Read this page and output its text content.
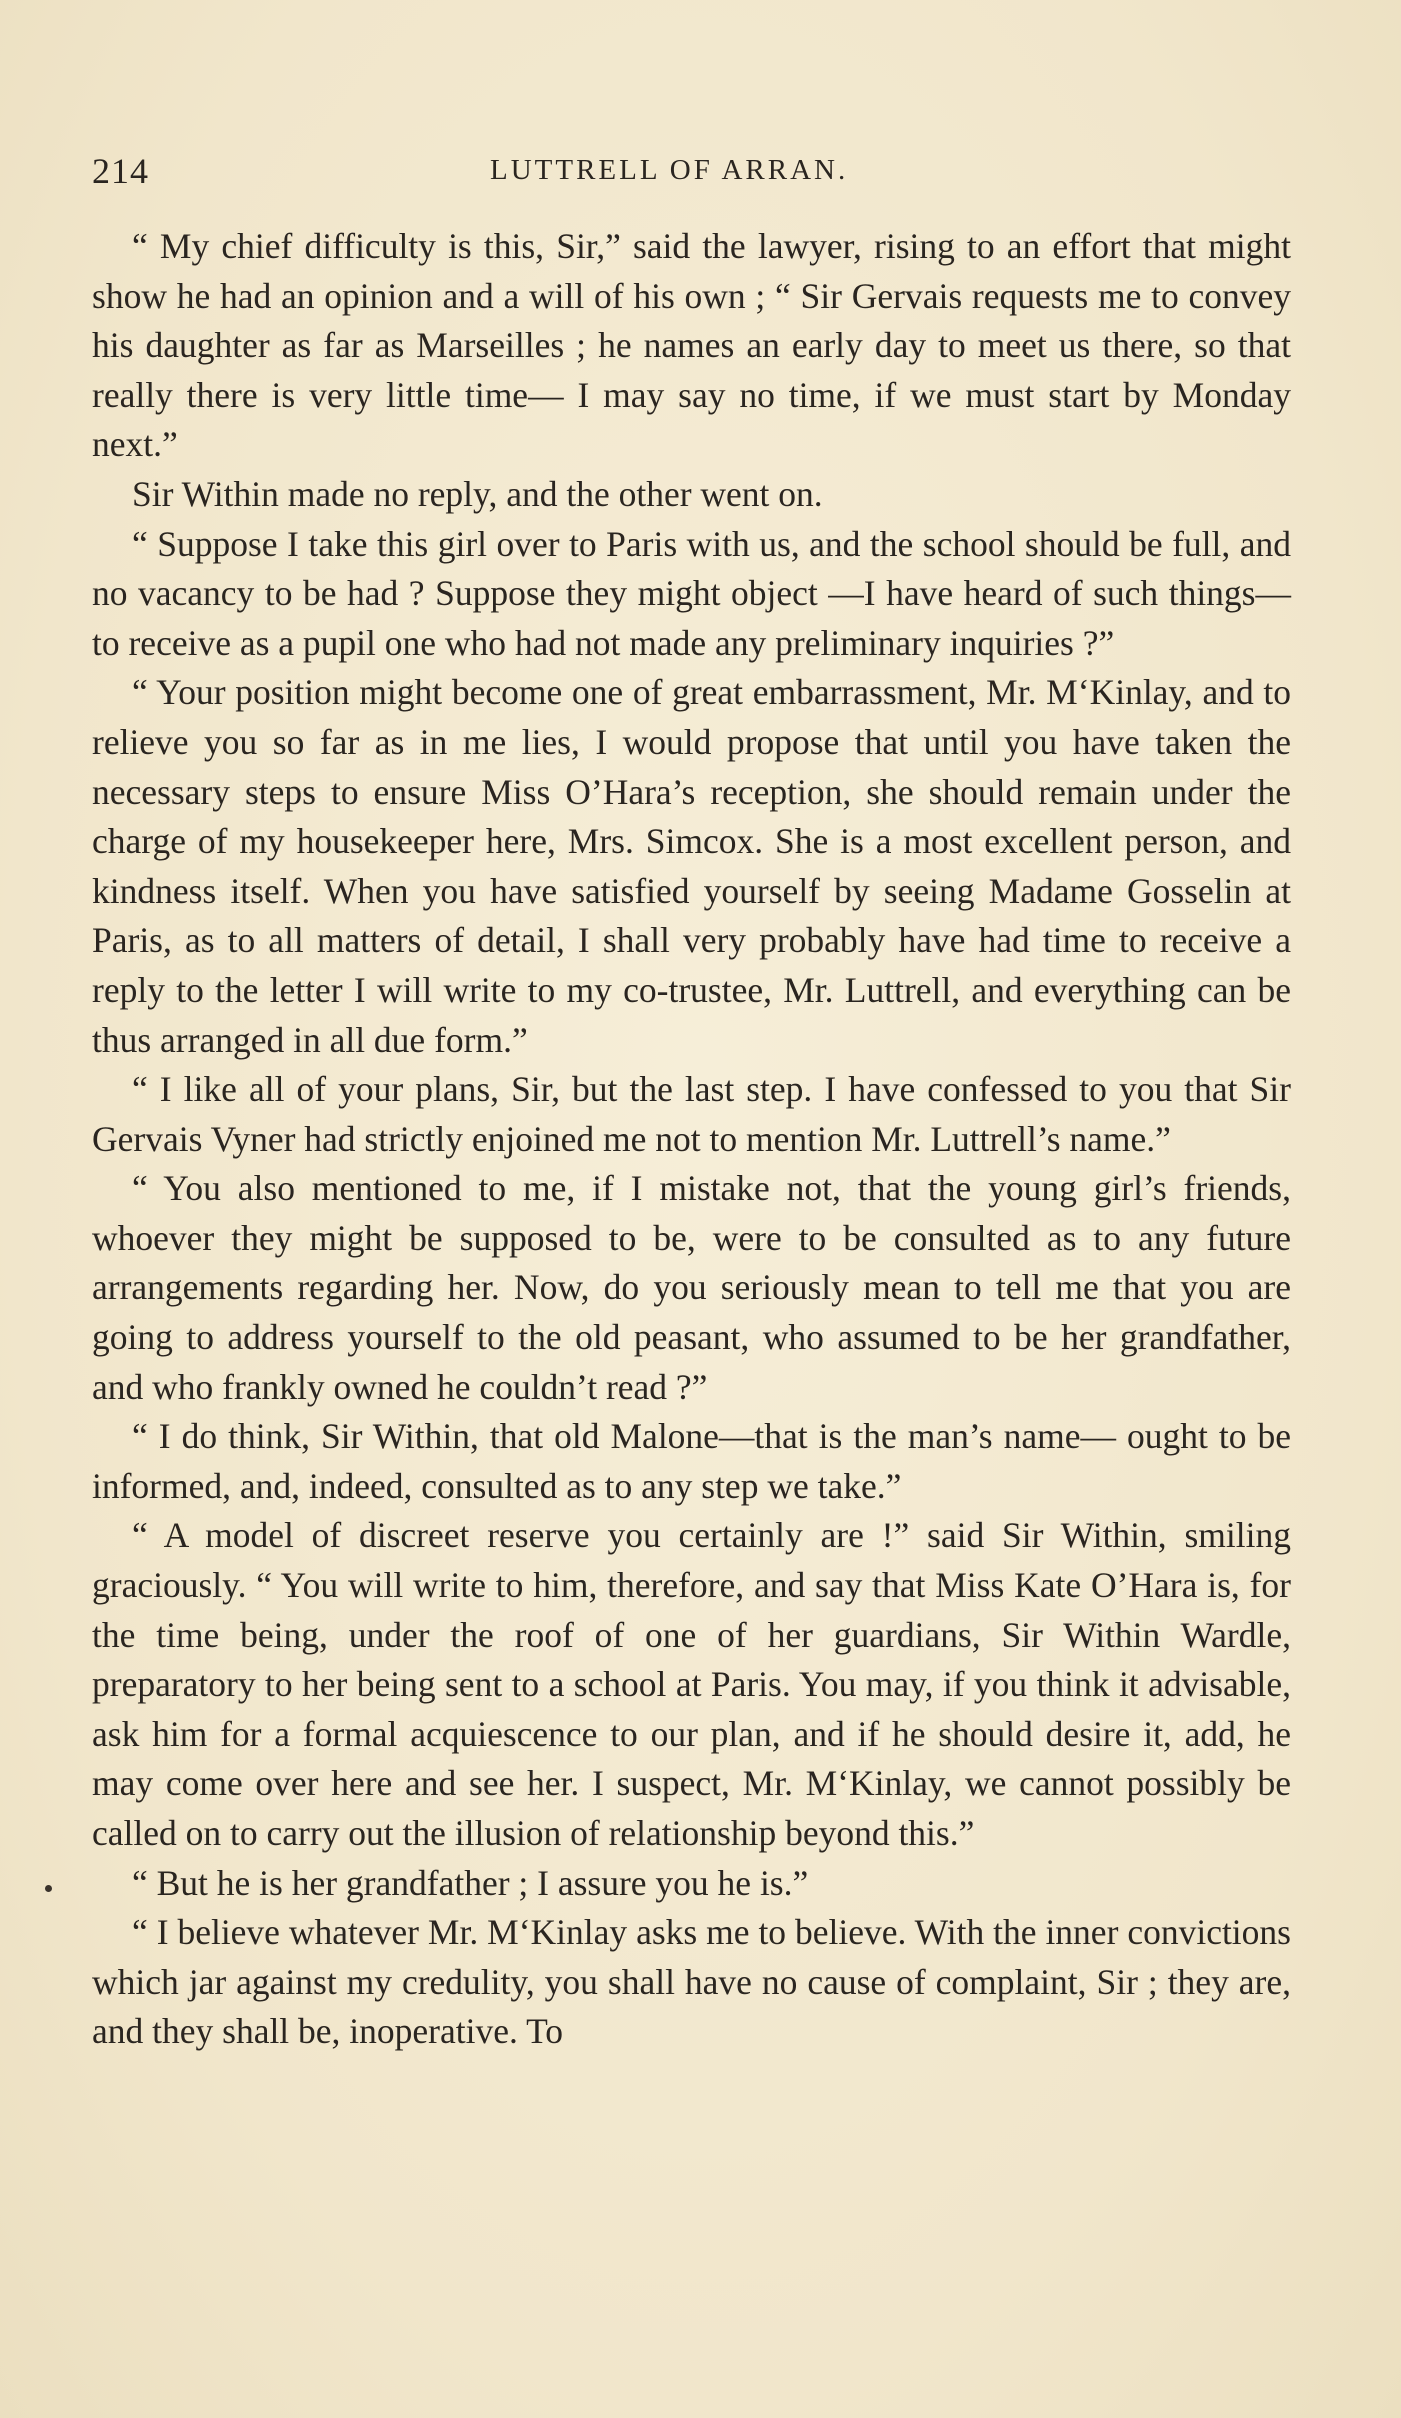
214	LUTTRELL OF ARRAN.

“ My chief difficulty is this, Sir,” said the lawyer, rising to an effort that might show he had an opinion and a will of his own ; “ Sir Gervais requests me to convey his daughter as far as Marseilles ; he names an early day to meet us there, so that really there is very little time— I may say no time, if we must start by Monday next.”

Sir Within made no reply, and the other went on.

“ Suppose I take this girl over to Paris with us, and the school should be full, and no vacancy to be had ? Suppose they might object —I have heard of such things—to receive as a pupil one who had not made any preliminary inquiries ?”

“ Your position might become one of great embarrassment, Mr. M‘Kinlay, and to relieve you so far as in me lies, I would propose that until you have taken the necessary steps to ensure Miss O’Hara’s reception, she should remain under the charge of my housekeeper here, Mrs. Simcox. She is a most excellent person, and kindness itself. When you have satisfied yourself by seeing Madame Gosselin at Paris, as to all matters of detail, I shall very probably have had time to receive a reply to the letter I will write to my co-trustee, Mr. Luttrell, and everything can be thus arranged in all due form.”

“ I like all of your plans, Sir, but the last step. I have confessed to you that Sir Gervais Vyner had strictly enjoined me not to mention Mr. Luttrell’s name.”

“ You also mentioned to me, if I mistake not, that the young girl’s friends, whoever they might be supposed to be, were to be consulted as to any future arrangements regarding her. Now, do you seriously mean to tell me that you are going to address yourself to the old peasant, who assumed to be her grandfather, and who frankly owned he couldn’t read ?”

“ I do think, Sir Within, that old Malone—that is the man’s name— ought to be informed, and, indeed, consulted as to any step we take.”

“ A model of discreet reserve you certainly are !” said Sir Within, smiling graciously. “ You will write to him, therefore, and say that Miss Kate O’Hara is, for the time being, under the roof of one of her guardians, Sir Within Wardle, preparatory to her being sent to a school at Paris. You may, if you think it advisable, ask him for a formal acquiescence to our plan, and if he should desire it, add, he may come over here and see her. I suspect, Mr. M‘Kinlay, we cannot possibly be called on to carry out the illusion of relationship beyond this.”

“ But he is her grandfather ; I assure you he is.”

“ I believe whatever Mr. M‘Kinlay asks me to believe. With the inner convictions which jar against my credulity, you shall have no cause of complaint, Sir ; they are, and they shall be, inoperative. To
